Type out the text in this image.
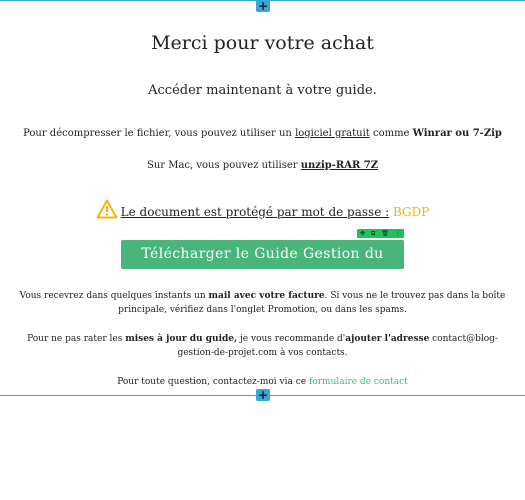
+
Merci pour votre achat
Accéder maintenant à votre guide.
Pour décompresser le fichier, vous pouvez utiliser un logiciel gratuit comme Winrar ou 7-Zip
Sur Mac, vous pouvez utiliser unzip-RAR 7Z
Le document est protégé par mot de passe : BGDP
✥ ⧉ 🗑 ⋮
Télécharger le Guide Gestion du Temps
Vous recevrez dans quelques instants un mail avec votre facture. Si vous ne le trouvez pas dans la boîte principale, vérifiez dans l'onglet Promotion, ou dans les spams.
Pour ne pas rater les mises à jour du guide, je vous recommande d'ajouter l'adresse contact@blog-gestion-de-projet.com à vos contacts.
Pour toute question, contactez-moi via ce formulaire de contact
+
